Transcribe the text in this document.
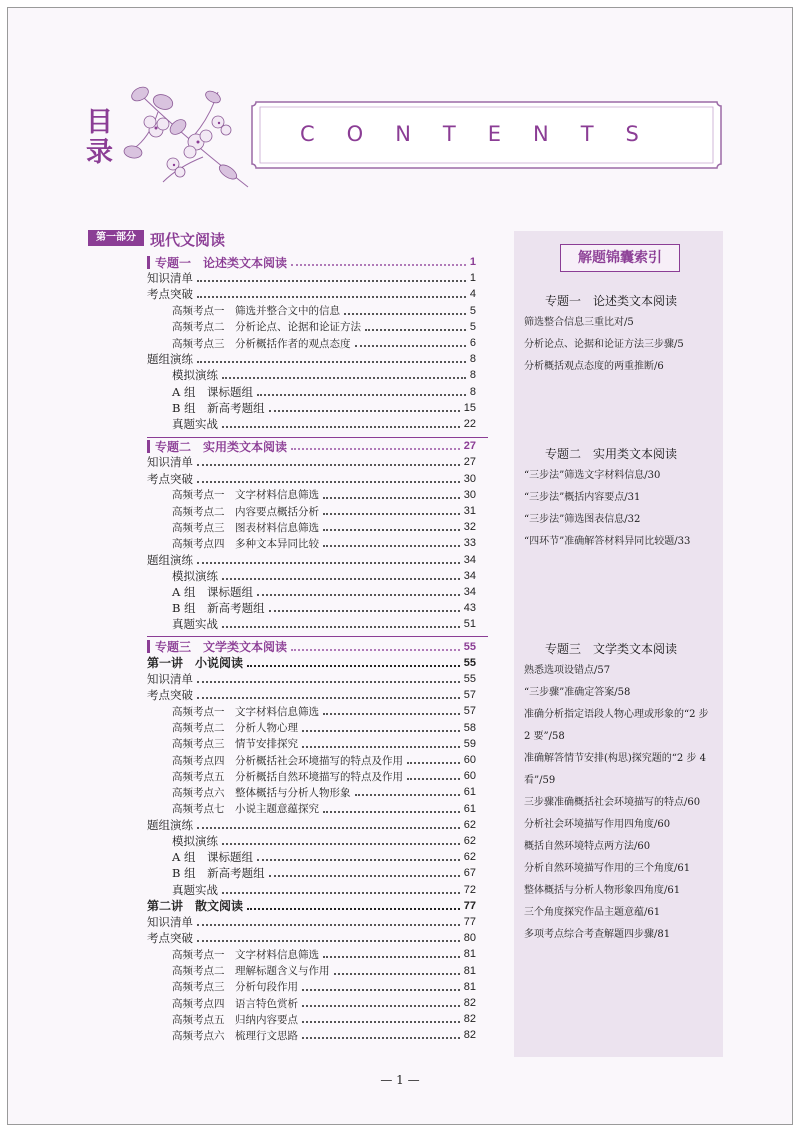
目录
CONTENTS
第一部分 现代文阅读
专题一　论述类文本阅读	1
知识清单	1
考点突破	4
高频考点一　筛选并整合文中的信息	5
高频考点二　分析论点、论据和论证方法	5
高频考点三　分析概括作者的观点态度	6
题组演练	8
模拟演练	8
A 组　课标题组	8
B 组　新高考题组	15
真题实战	22
专题二　实用类文本阅读	27
知识清单	27
考点突破	30
高频考点一　文字材料信息筛选	30
高频考点二　内容要点概括分析	31
高频考点三　图表材料信息筛选	32
高频考点四　多种文本异同比较	33
题组演练	34
模拟演练	34
A 组　课标题组	34
B 组　新高考题组	43
真题实战	51
专题三　文学类文本阅读	55
第一讲　小说阅读	55
知识清单	55
考点突破	57
高频考点一　文字材料信息筛选	57
高频考点二　分析人物心理	58
高频考点三　情节安排探究	59
高频考点四　分析概括社会环境描写的特点及作用	60
高频考点五　分析概括自然环境描写的特点及作用	60
高频考点六　整体概括与分析人物形象	61
高频考点七　小说主题意蕴探究	61
题组演练	62
模拟演练	62
A 组　课标题组	62
B 组　新高考题组	67
真题实战	72
第二讲　散文阅读	77
知识清单	77
考点突破	80
高频考点一　文字材料信息筛选	81
高频考点二　理解标题含义与作用	81
高频考点三　分析句段作用	81
高频考点四　语言特色赏析	82
高频考点五　归纳内容要点	82
高频考点六　梳理行文思路	82
解题锦囊索引
专题一　论述类文本阅读
筛选整合信息三重比对/5
分析论点、论据和论证方法三步骤/5
分析概括观点态度的两重推断/6
专题二　实用类文本阅读
“三步法”筛选文字材料信息/30
“三步法”概括内容要点/31
“三步法”筛选图表信息/32
“四环节”准确解答材料异同比较题/33
专题三　文学类文本阅读
熟悉选项设错点/57
“三步骤”准确定答案/58
准确分析指定语段人物心理或形象的“2 步 2 要”/58
准确解答情节安排(构思)探究题的“2 步 4 看”/59
三步骤准确概括社会环境描写的特点/60
分析社会环境描写作用四角度/60
概括自然环境特点两方法/60
分析自然环境描写作用的三个角度/61
整体概括与分析人物形象四角度/61
三个角度探究作品主题意蕴/61
多项考点综合考查解题四步骤/81
— 1 —
